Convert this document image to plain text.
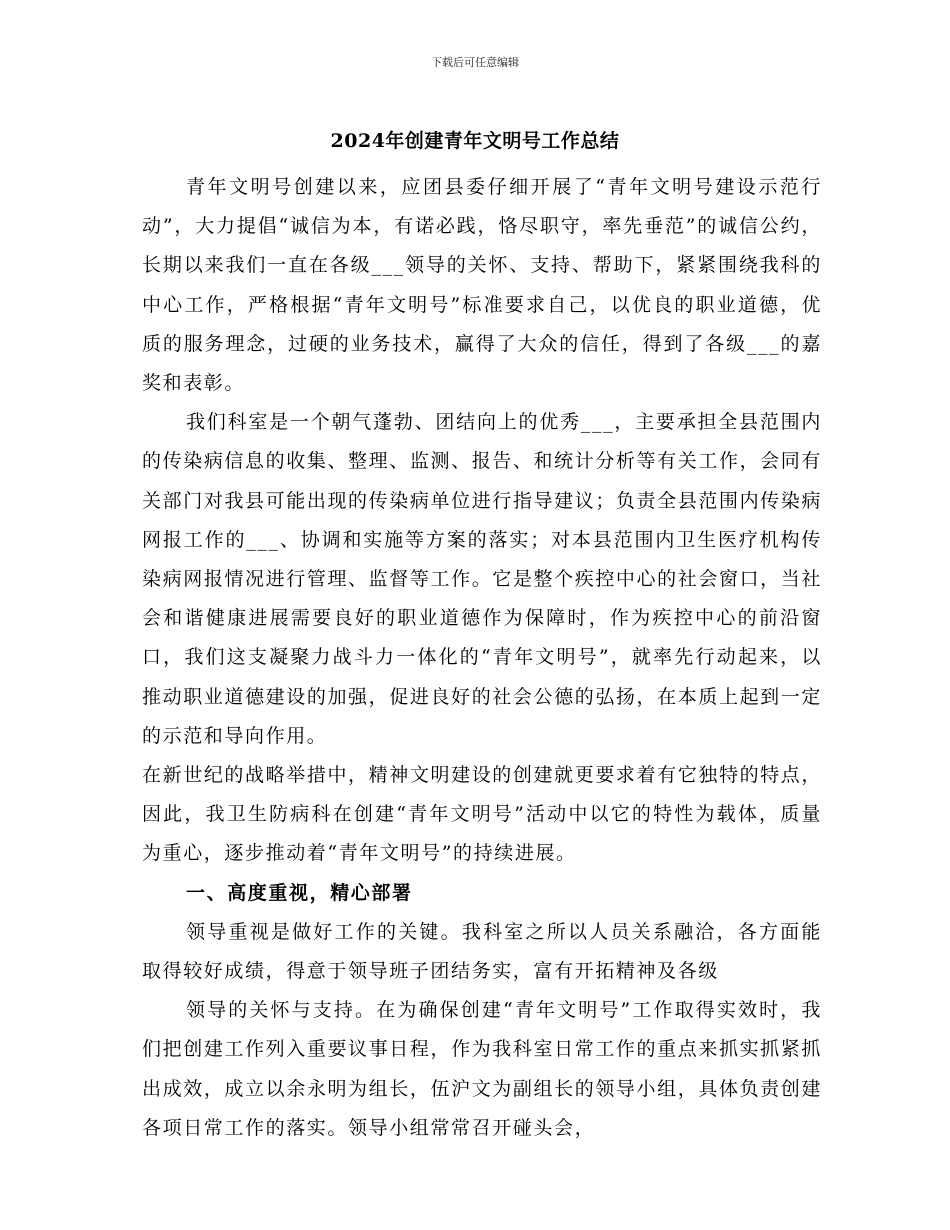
下载后可任意编辑
2024年创建青年文明号工作总结

青年文明号创建以来，应团县委仔细开展了“青年文明号建设示范行动”，大力提倡“诚信为本，有诺必践，恪尽职守，率先垂范”的诚信公约，长期以来我们一直在各级___领导的关怀、支持、帮助下，紧紧围绕我科的中心工作，严格根据“青年文明号”标准要求自己，以优良的职业道德，优质的服务理念，过硬的业务技术，赢得了大众的信任，得到了各级___的嘉奖和表彰。

我们科室是一个朝气蓬勃、团结向上的优秀___，主要承担全县范围内的传染病信息的收集、整理、监测、报告、和统计分析等有关工作，会同有关部门对我县可能出现的传染病单位进行指导建议；负责全县范围内传染病网报工作的___、协调和实施等方案的落实；对本县范围内卫生医疗机构传染病网报情况进行管理、监督等工作。它是整个疾控中心的社会窗口，当社会和谐健康进展需要良好的职业道德作为保障时，作为疾控中心的前沿窗口，我们这支凝聚力战斗力一体化的“青年文明号”，就率先行动起来，以推动职业道德建设的加强，促进良好的社会公德的弘扬，在本质上起到一定的示范和导向作用。

在新世纪的战略举措中，精神文明建设的创建就更要求着有它独特的特点，因此，我卫生防病科在创建“青年文明号”活动中以它的特性为载体，质量为重心，逐步推动着“青年文明号”的持续进展。

一、高度重视，精心部署

领导重视是做好工作的关键。我科室之所以人员关系融洽，各方面能取得较好成绩，得意于领导班子团结务实，富有开拓精神及各级

领导的关怀与支持。在为确保创建“青年文明号”工作取得实效时，我们把创建工作列入重要议事日程，作为我科室日常工作的重点来抓实抓紧抓出成效，成立以余永明为组长，伍沪文为副组长的领导小组，具体负责创建各项日常工作的落实。领导小组常常召开碰头会，
